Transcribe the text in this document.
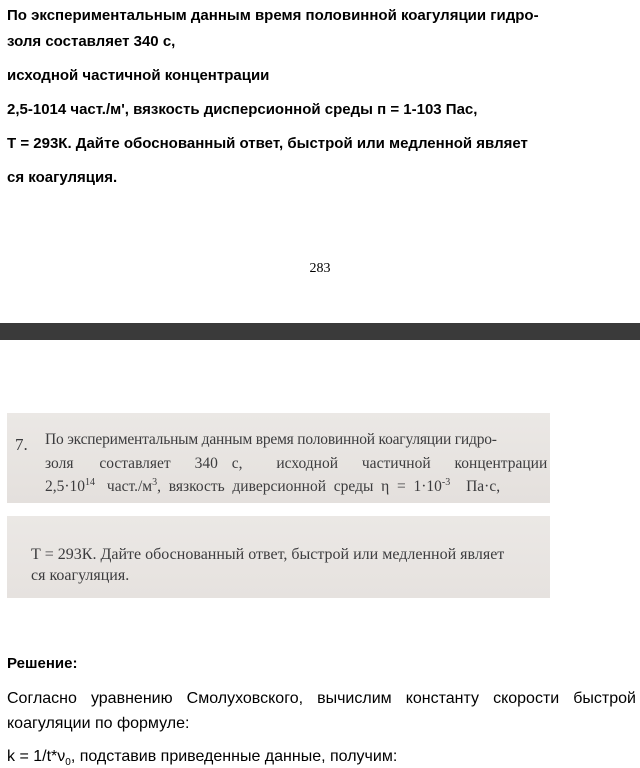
По экспериментальным данным время половинной коагуляции гидро-
золя составляет 340 с,
исходной частичной концентрации
2,5-1014 част./м', вязкость дисперсионной среды п = 1-103 Пас,
Т = 293К. Дайте обоснованный ответ, быстрой или медленной являет
ся коагуляция.
283
7. По экспериментальным данным время половинной коагуляции гидро-
золя составляет 340 с, исходной частичной концентрации
$2,5\cdot 10^{14}$ $част./м^3$,  вязкость  диверсионной  среды  $\eta = 1\cdot 10^{-3}$ Па·с,
Т = 293К. Дайте обоснованный ответ, быстрой или медленной являет
ся коагуляция.
Решение:
Согласно уравнению Смолуховского, вычислим константу скорости быстрой коагуляции по формуле:
$k = 1/t*\nu_0$, подставив приведенные данные, получим:
